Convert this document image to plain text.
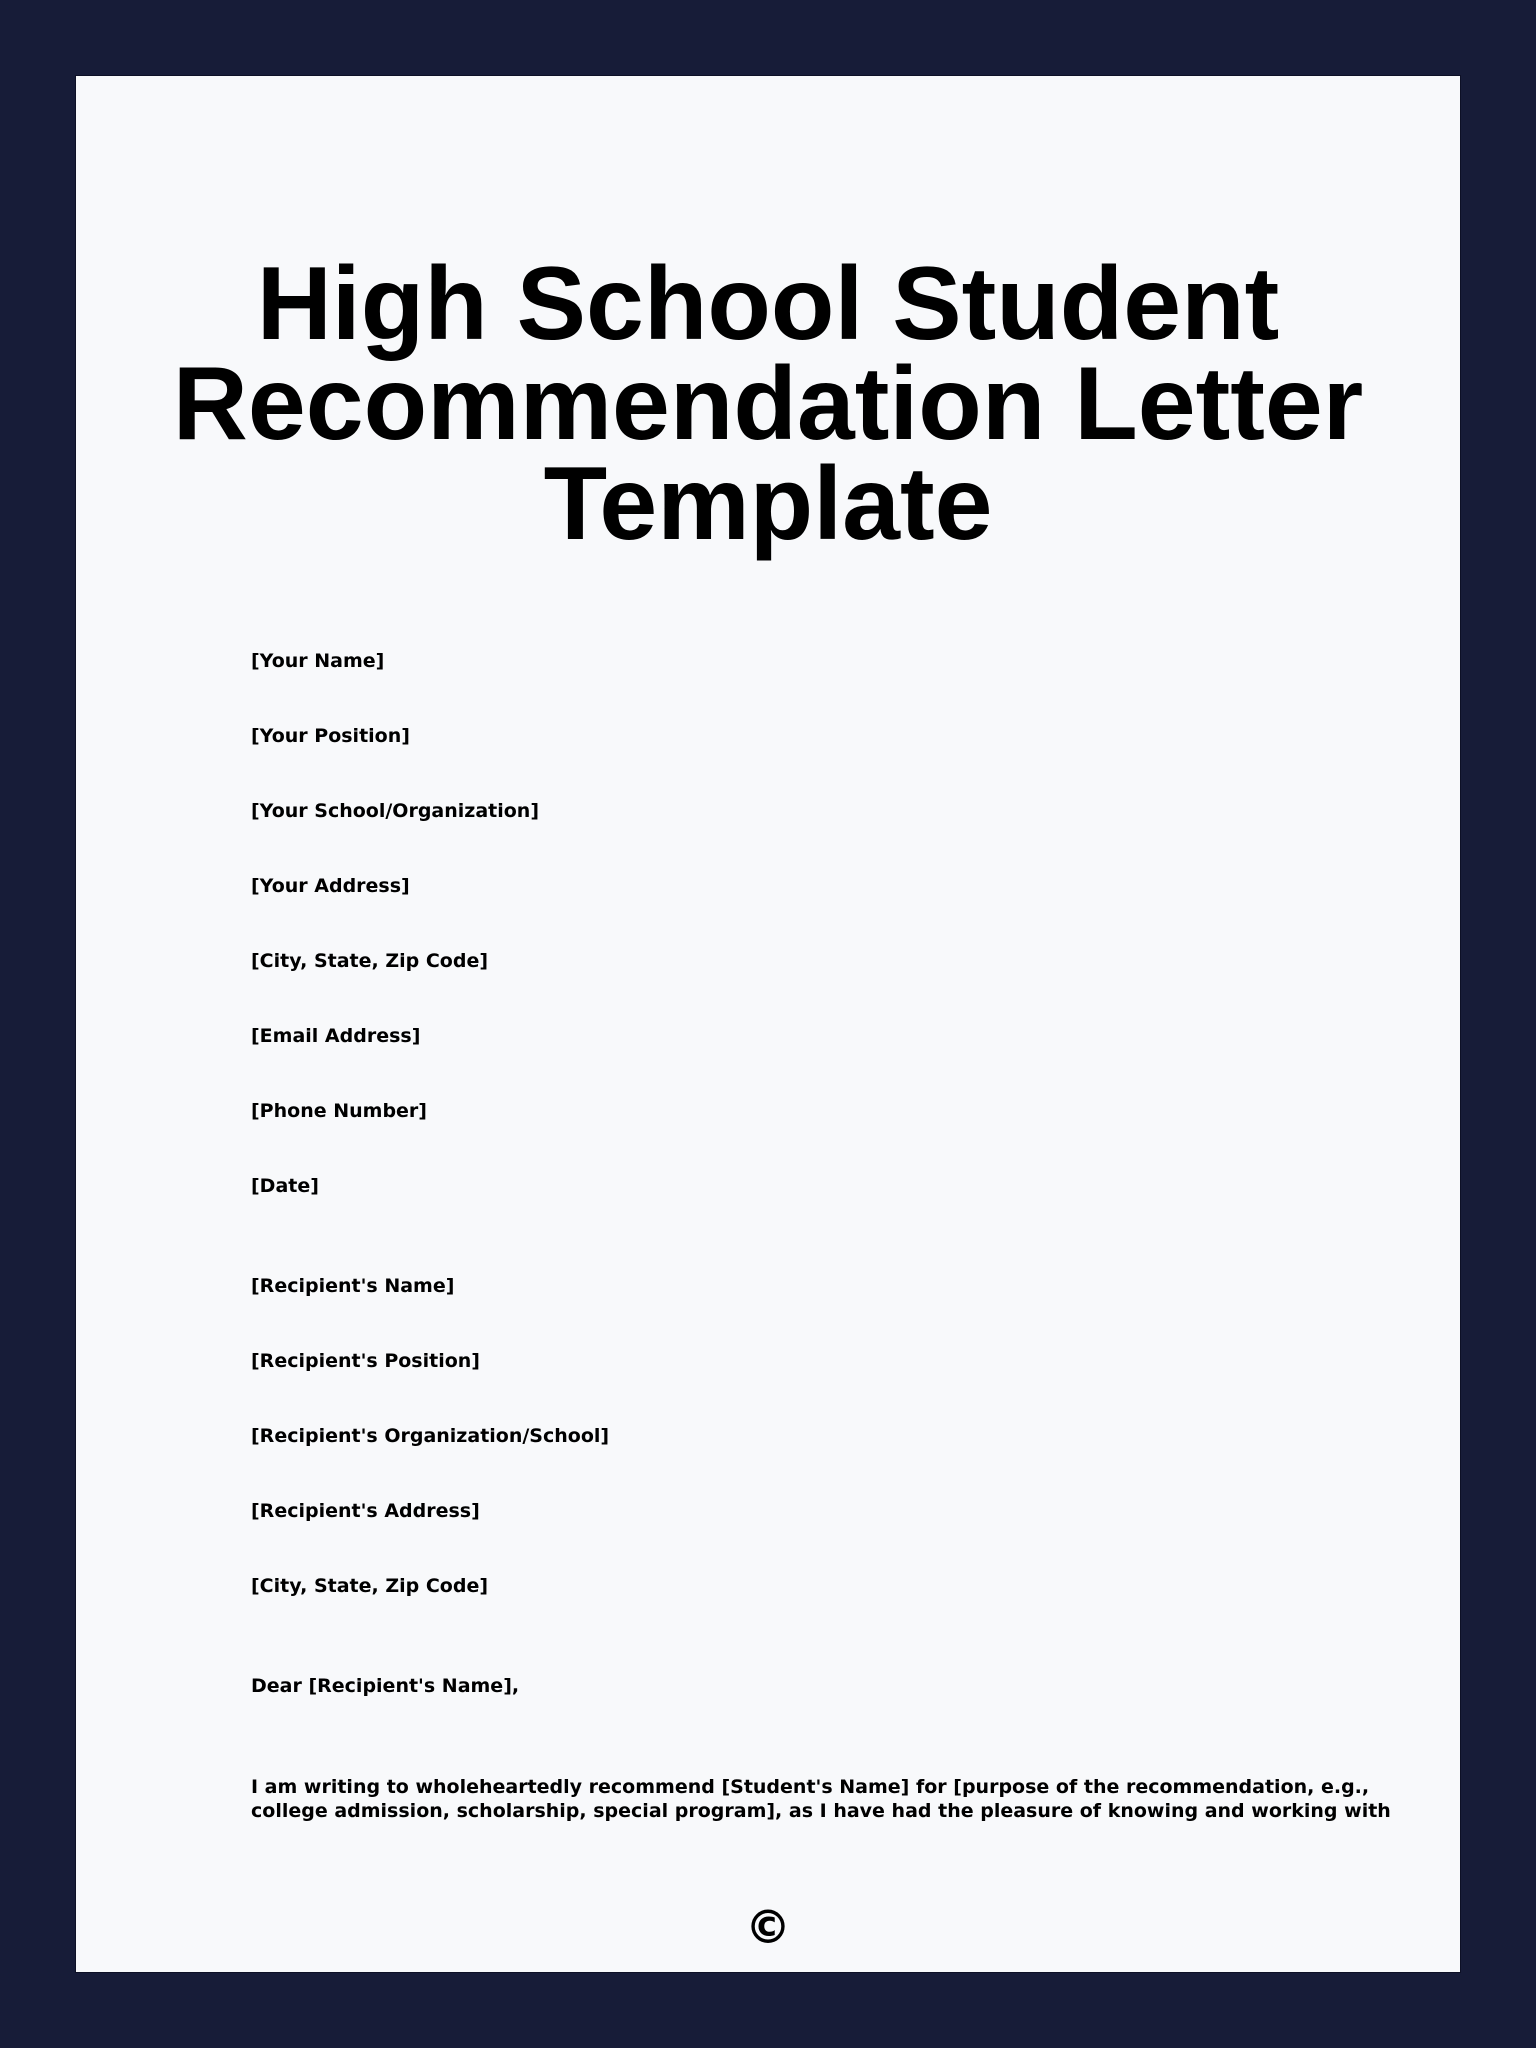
High School Student
Recommendation Letter
Template

[Your Name]

[Your Position]

[Your School/Organization]

[Your Address]

[City, State, Zip Code]

[Email Address]

[Phone Number]

[Date]

[Recipient's Name]

[Recipient's Position]

[Recipient's Organization/School]

[Recipient's Address]

[City, State, Zip Code]

Dear [Recipient's Name],

I am writing to wholeheartedly recommend [Student's Name] for [purpose of the recommendation, e.g.,
college admission, scholarship, special program], as I have had the pleasure of knowing and working with

©
